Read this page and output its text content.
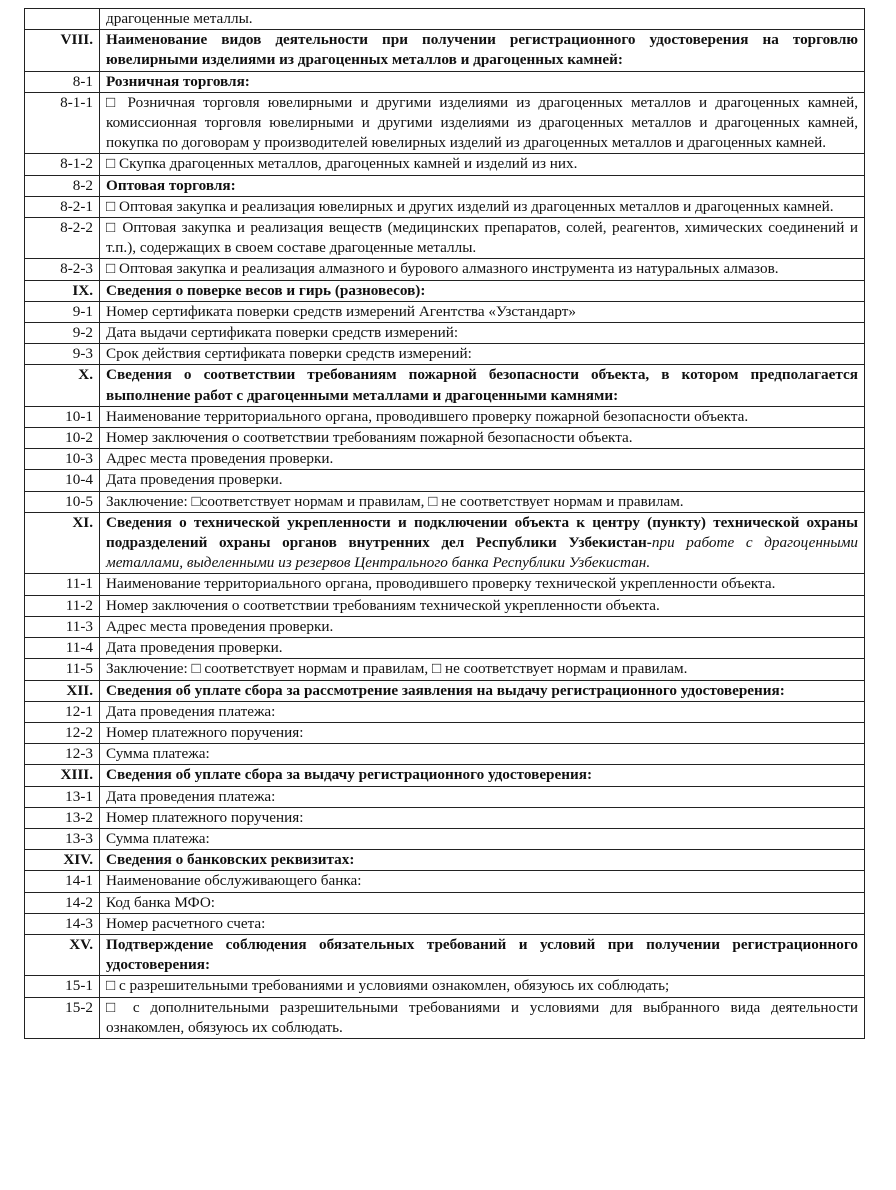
	драгоценные металлы.
VIII.	Наименование видов деятельности при получении регистрационного удостоверения на торговлю ювелирными изделиями из драгоценных металлов и драгоценных камней:
8-1	Розничная торговля:
8-1-1	□ Розничная торговля ювелирными и другими изделиями из драгоценных металлов и драгоценных камней, комиссионная торговля ювелирными и другими изделиями из драгоценных металлов и драгоценных камней, покупка по договорам у производителей ювелирных изделий из драгоценных металлов и драгоценных камней.
8-1-2	□ Скупка драгоценных металлов, драгоценных камней и изделий из них.
8-2	Оптовая торговля:
8-2-1	□ Оптовая закупка и реализация ювелирных и других изделий из драгоценных металлов и драгоценных камней.
8-2-2	□ Оптовая закупка и реализация веществ (медицинских препаратов, солей, реагентов, химических соединений и т.п.), содержащих в своем составе драгоценные металлы.
8-2-3	□ Оптовая закупка и реализация алмазного и бурового алмазного инструмента из натуральных алмазов.
IX.	Сведения о поверке весов и гирь (разновесов):
9-1	Номер сертификата поверки средств измерений Агентства «Узстандарт»
9-2	Дата выдачи сертификата поверки средств измерений:
9-3	Срок действия сертификата поверки средств измерений:
X.	Сведения о соответствии требованиям пожарной безопасности объекта, в котором предполагается выполнение работ с драгоценными металлами и драгоценными камнями:
10-1	Наименование территориального органа, проводившего проверку пожарной безопасности объекта.
10-2	Номер заключения о соответствии требованиям пожарной безопасности объекта.
10-3	Адрес места проведения проверки.
10-4	Дата проведения проверки.
10-5	Заключение: □соответствует нормам и правилам, □ не соответствует нормам и правилам.
XI.	Сведения о технической укрепленности и подключении объекта к центру (пункту) технической охраны подразделений охраны органов внутренних дел Республики Узбекистан-при работе с драгоценными металлами, выделенными из резервов Центрального банка Республики Узбекистан.
11-1	Наименование территориального органа, проводившего проверку технической укрепленности объекта.
11-2	Номер заключения о соответствии требованиям технической укрепленности объекта.
11-3	Адрес места проведения проверки.
11-4	Дата проведения проверки.
11-5	Заключение: □ соответствует нормам и правилам, □ не соответствует нормам и правилам.
XII.	Сведения об уплате сбора за рассмотрение заявления на выдачу регистрационного удостоверения:
12-1	Дата проведения платежа:
12-2	Номер платежного поручения:
12-3	Сумма платежа:
XIII.	Сведения об уплате сбора за выдачу регистрационного удостоверения:
13-1	Дата проведения платежа:
13-2	Номер платежного поручения:
13-3	Сумма платежа:
XIV.	Сведения о банковских реквизитах:
14-1	Наименование обслуживающего банка:
14-2	Код банка МФО:
14-3	Номер расчетного счета:
XV.	Подтверждение соблюдения обязательных требований и условий при получении регистрационного удостоверения:
15-1	□ с разрешительными требованиями и условиями ознакомлен, обязуюсь их соблюдать;
15-2	□ с дополнительными разрешительными требованиями и условиями для выбранного вида деятельности ознакомлен, обязуюсь их соблюдать.
